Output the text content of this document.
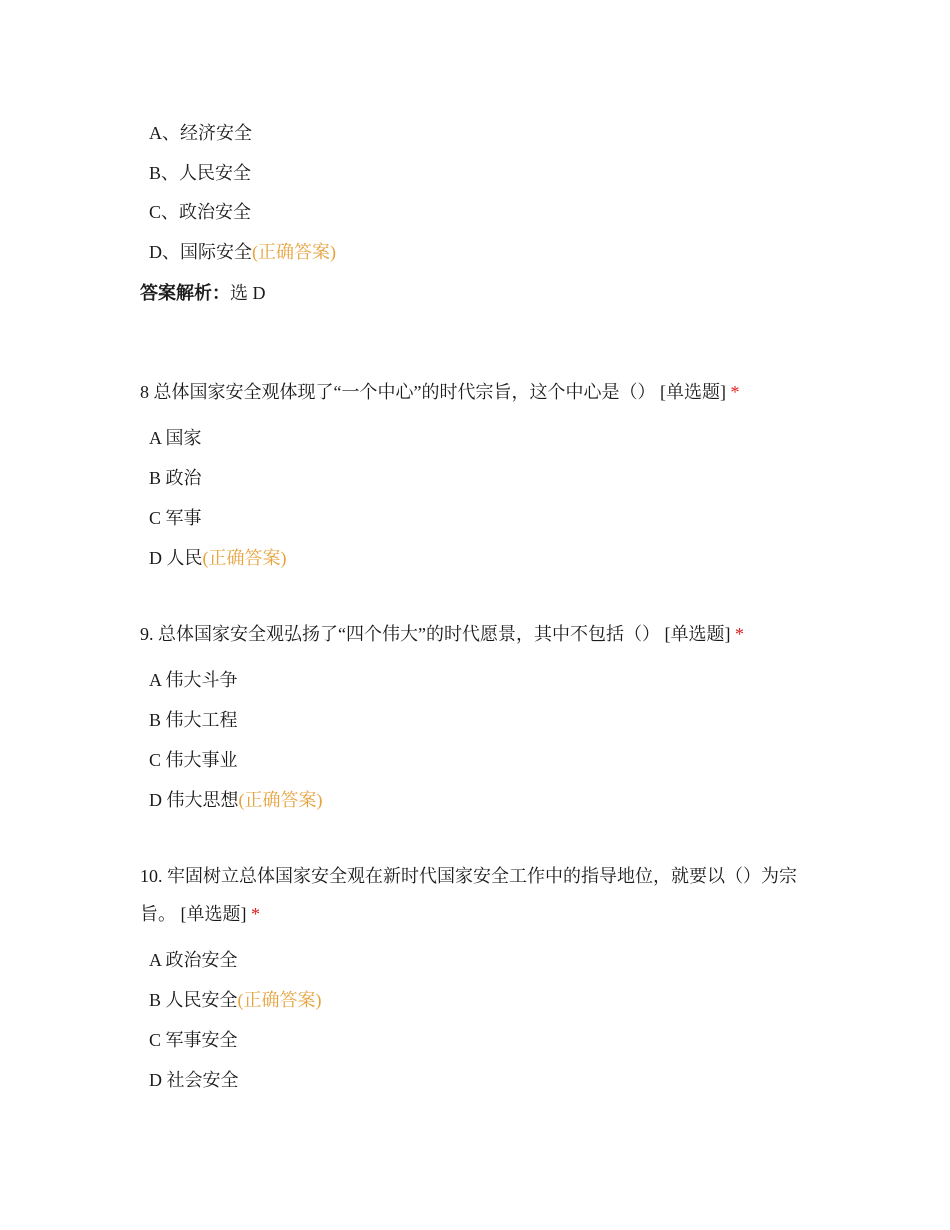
A、经济安全
B、人民安全
C、政治安全
D、国际安全(正确答案)
答案解析：选 D
8 总体国家安全观体现了“一个中心”的时代宗旨，这个中心是（） [单选题] *
A 国家
B 政治
C 军事
D 人民(正确答案)
9. 总体国家安全观弘扬了“四个伟大”的时代愿景，其中不包括（） [单选题] *
A 伟大斗争
B 伟大工程
C 伟大事业
D 伟大思想(正确答案)
10. 牢固树立总体国家安全观在新时代国家安全工作中的指导地位，就要以（）为宗旨。 [单选题] *
A 政治安全
B 人民安全(正确答案)
C 军事安全
D 社会安全
